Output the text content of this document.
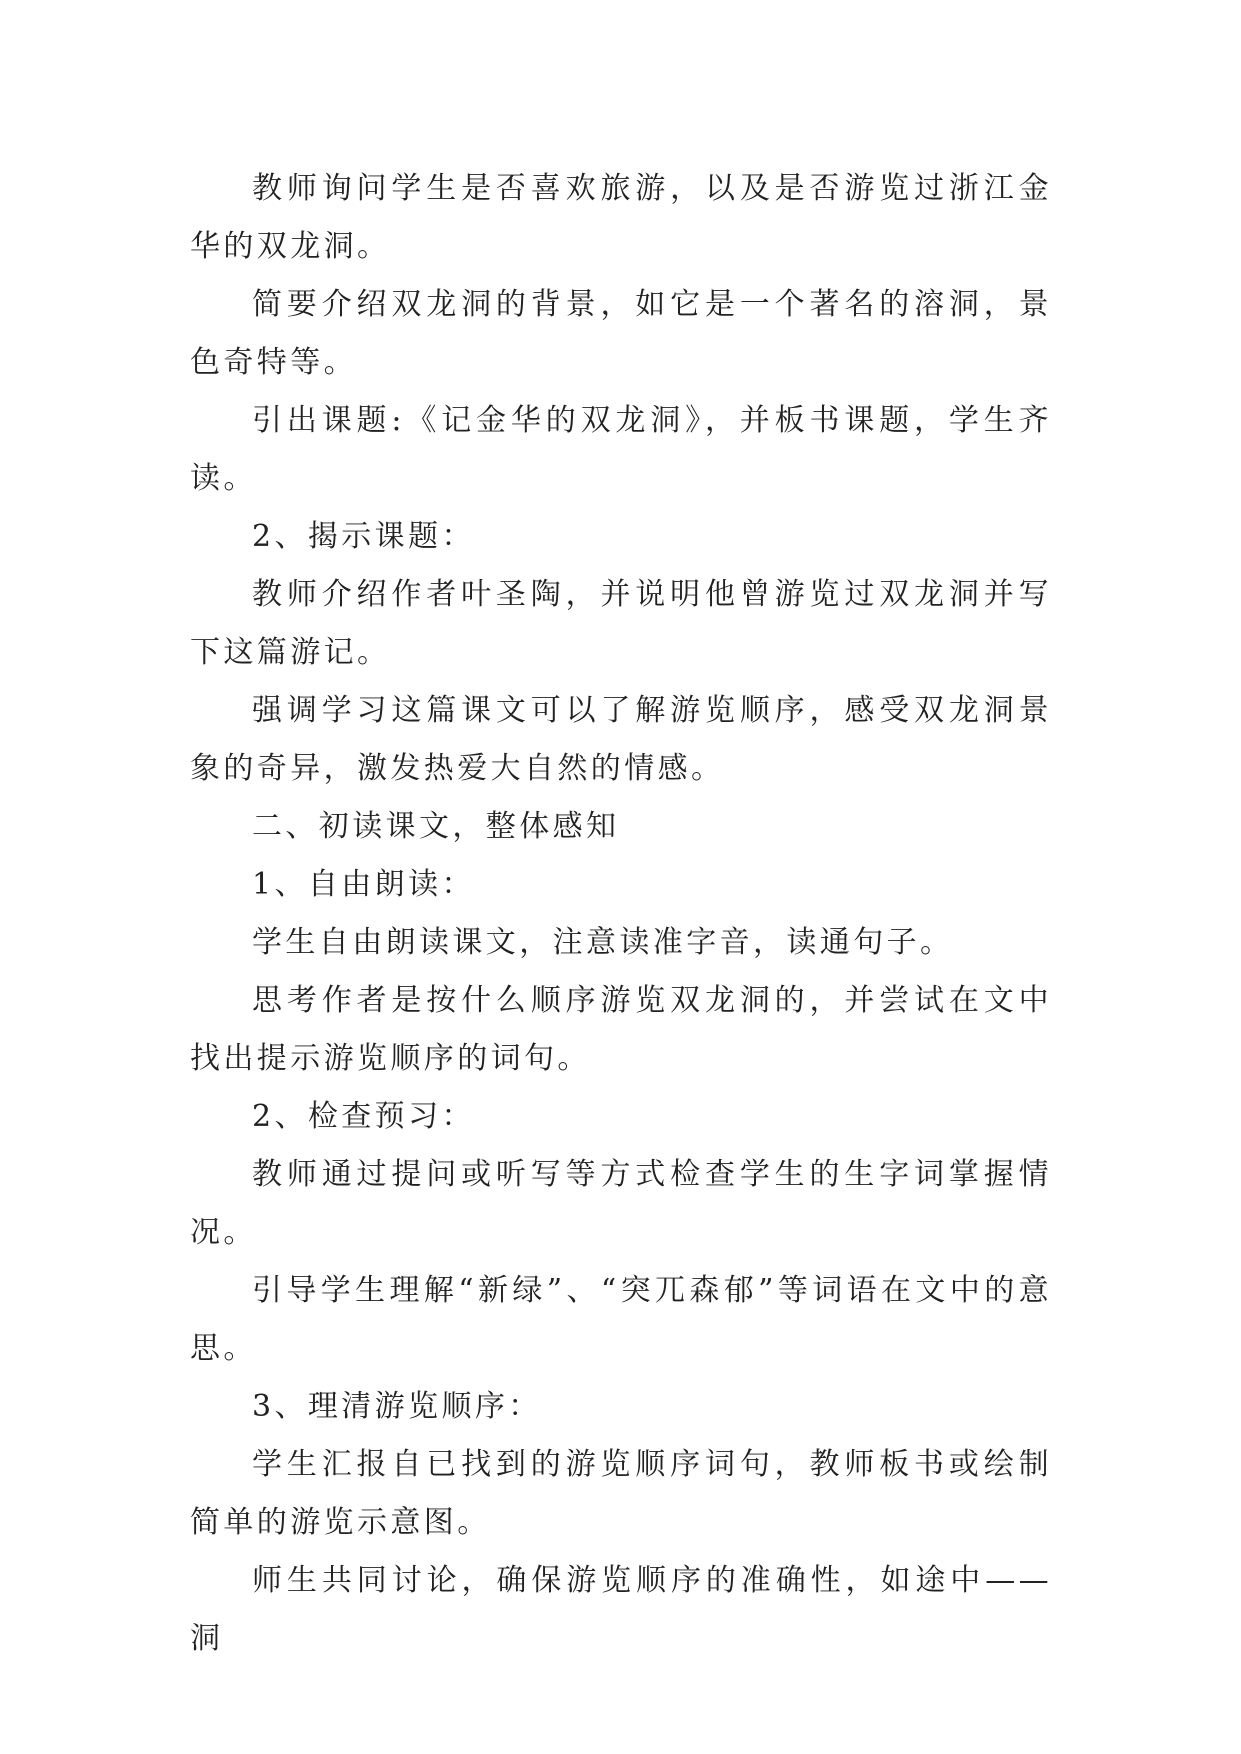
教师询问学生是否喜欢旅游，以及是否游览过浙江金华的双龙洞。

简要介绍双龙洞的背景，如它是一个著名的溶洞，景色奇特等。

引出课题:《记金华的双龙洞》，并板书课题，学生齐读。

2、揭示课题：

教师介绍作者叶圣陶，并说明他曾游览过双龙洞并写下这篇游记。

强调学习这篇课文可以了解游览顺序，感受双龙洞景象的奇异，激发热爱大自然的情感。

二、初读课文，整体感知

1、自由朗读：

学生自由朗读课文，注意读准字音，读通句子。

思考作者是按什么顺序游览双龙洞的，并尝试在文中找出提示游览顺序的词句。

2、检查预习：

教师通过提问或听写等方式检查学生的生字词掌握情况。

引导学生理解“新绿”、“突兀森郁”等词语在文中的意思。

3、理清游览顺序：

学生汇报自已找到的游览顺序词句，教师板书或绘制简单的游览示意图。

师生共同讨论，确保游览顺序的准确性，如途中——洞
